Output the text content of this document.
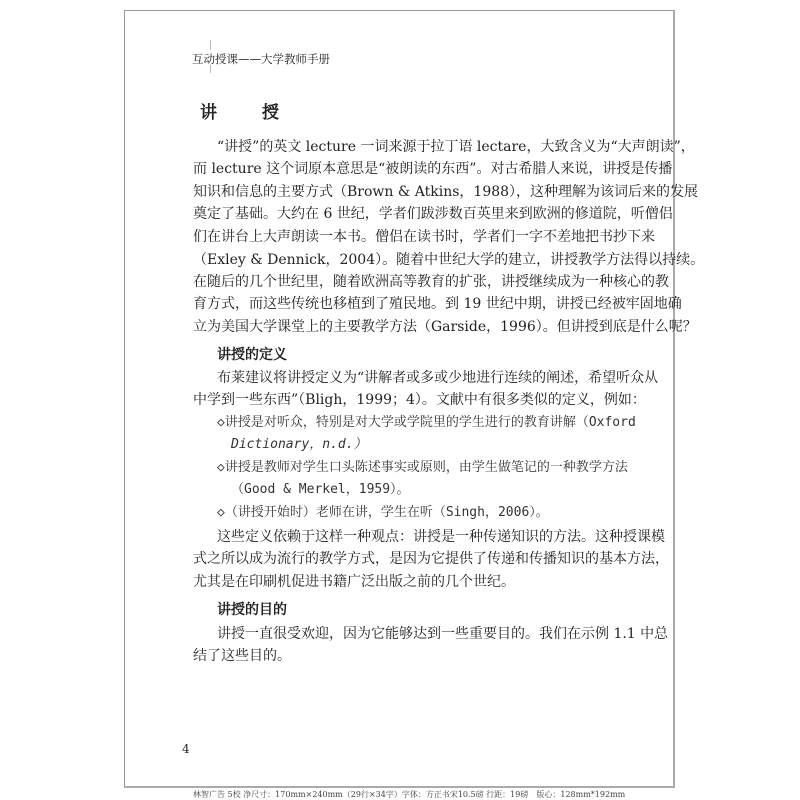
互动授课——大学教师手册
讲　授
“讲授”的英文 lecture 一词来源于拉丁语 lectare，大致含义为“大声朗读”，
而 lecture 这个词原本意思是“被朗读的东西”。对古希腊人来说，讲授是传播
知识和信息的主要方式（Brown & Atkins，1988），这种理解为该词后来的发展
奠定了基础。大约在 6 世纪，学者们跋涉数百英里来到欧洲的修道院，听僧侣
们在讲台上大声朗读一本书。僧侣在读书时，学者们一字不差地把书抄下来
（Exley & Dennick，2004）。随着中世纪大学的建立，讲授教学方法得以持续。
在随后的几个世纪里，随着欧洲高等教育的扩张，讲授继续成为一种核心的教
育方式，而这些传统也移植到了殖民地。到 19 世纪中期，讲授已经被牢固地确
立为美国大学课堂上的主要教学方法（Garside，1996）。但讲授到底是什么呢？
讲授的定义
布莱建议将讲授定义为“讲解者或多或少地进行连续的阐述，希望听众从
中学到一些东西”（Bligh，1999；4）。文献中有很多类似的定义，例如：
◇讲授是对听众，特别是对大学或学院里的学生进行的教育讲解（Oxford
Dictionary，n.d.）
◇讲授是教师对学生口头陈述事实或原则，由学生做笔记的一种教学方法
（Good & Merkel，1959）。
◇（讲授开始时）老师在讲，学生在听（Singh，2006）。
这些定义依赖于这样一种观点：讲授是一种传递知识的方法。这种授课模
式之所以成为流行的教学方式，是因为它提供了传递和传播知识的基本方法，
尤其是在印刷机促进书籍广泛出版之前的几个世纪。
讲授的目的
讲授一直很受欢迎，因为它能够达到一些重要目的。我们在示例 1.1 中总
结了这些目的。
4
林智广告 5校 净尺寸：170mm×240mm（29行×34字）字体：方正书宋10.5磅 行距：19磅　版心：128mm*192mm
